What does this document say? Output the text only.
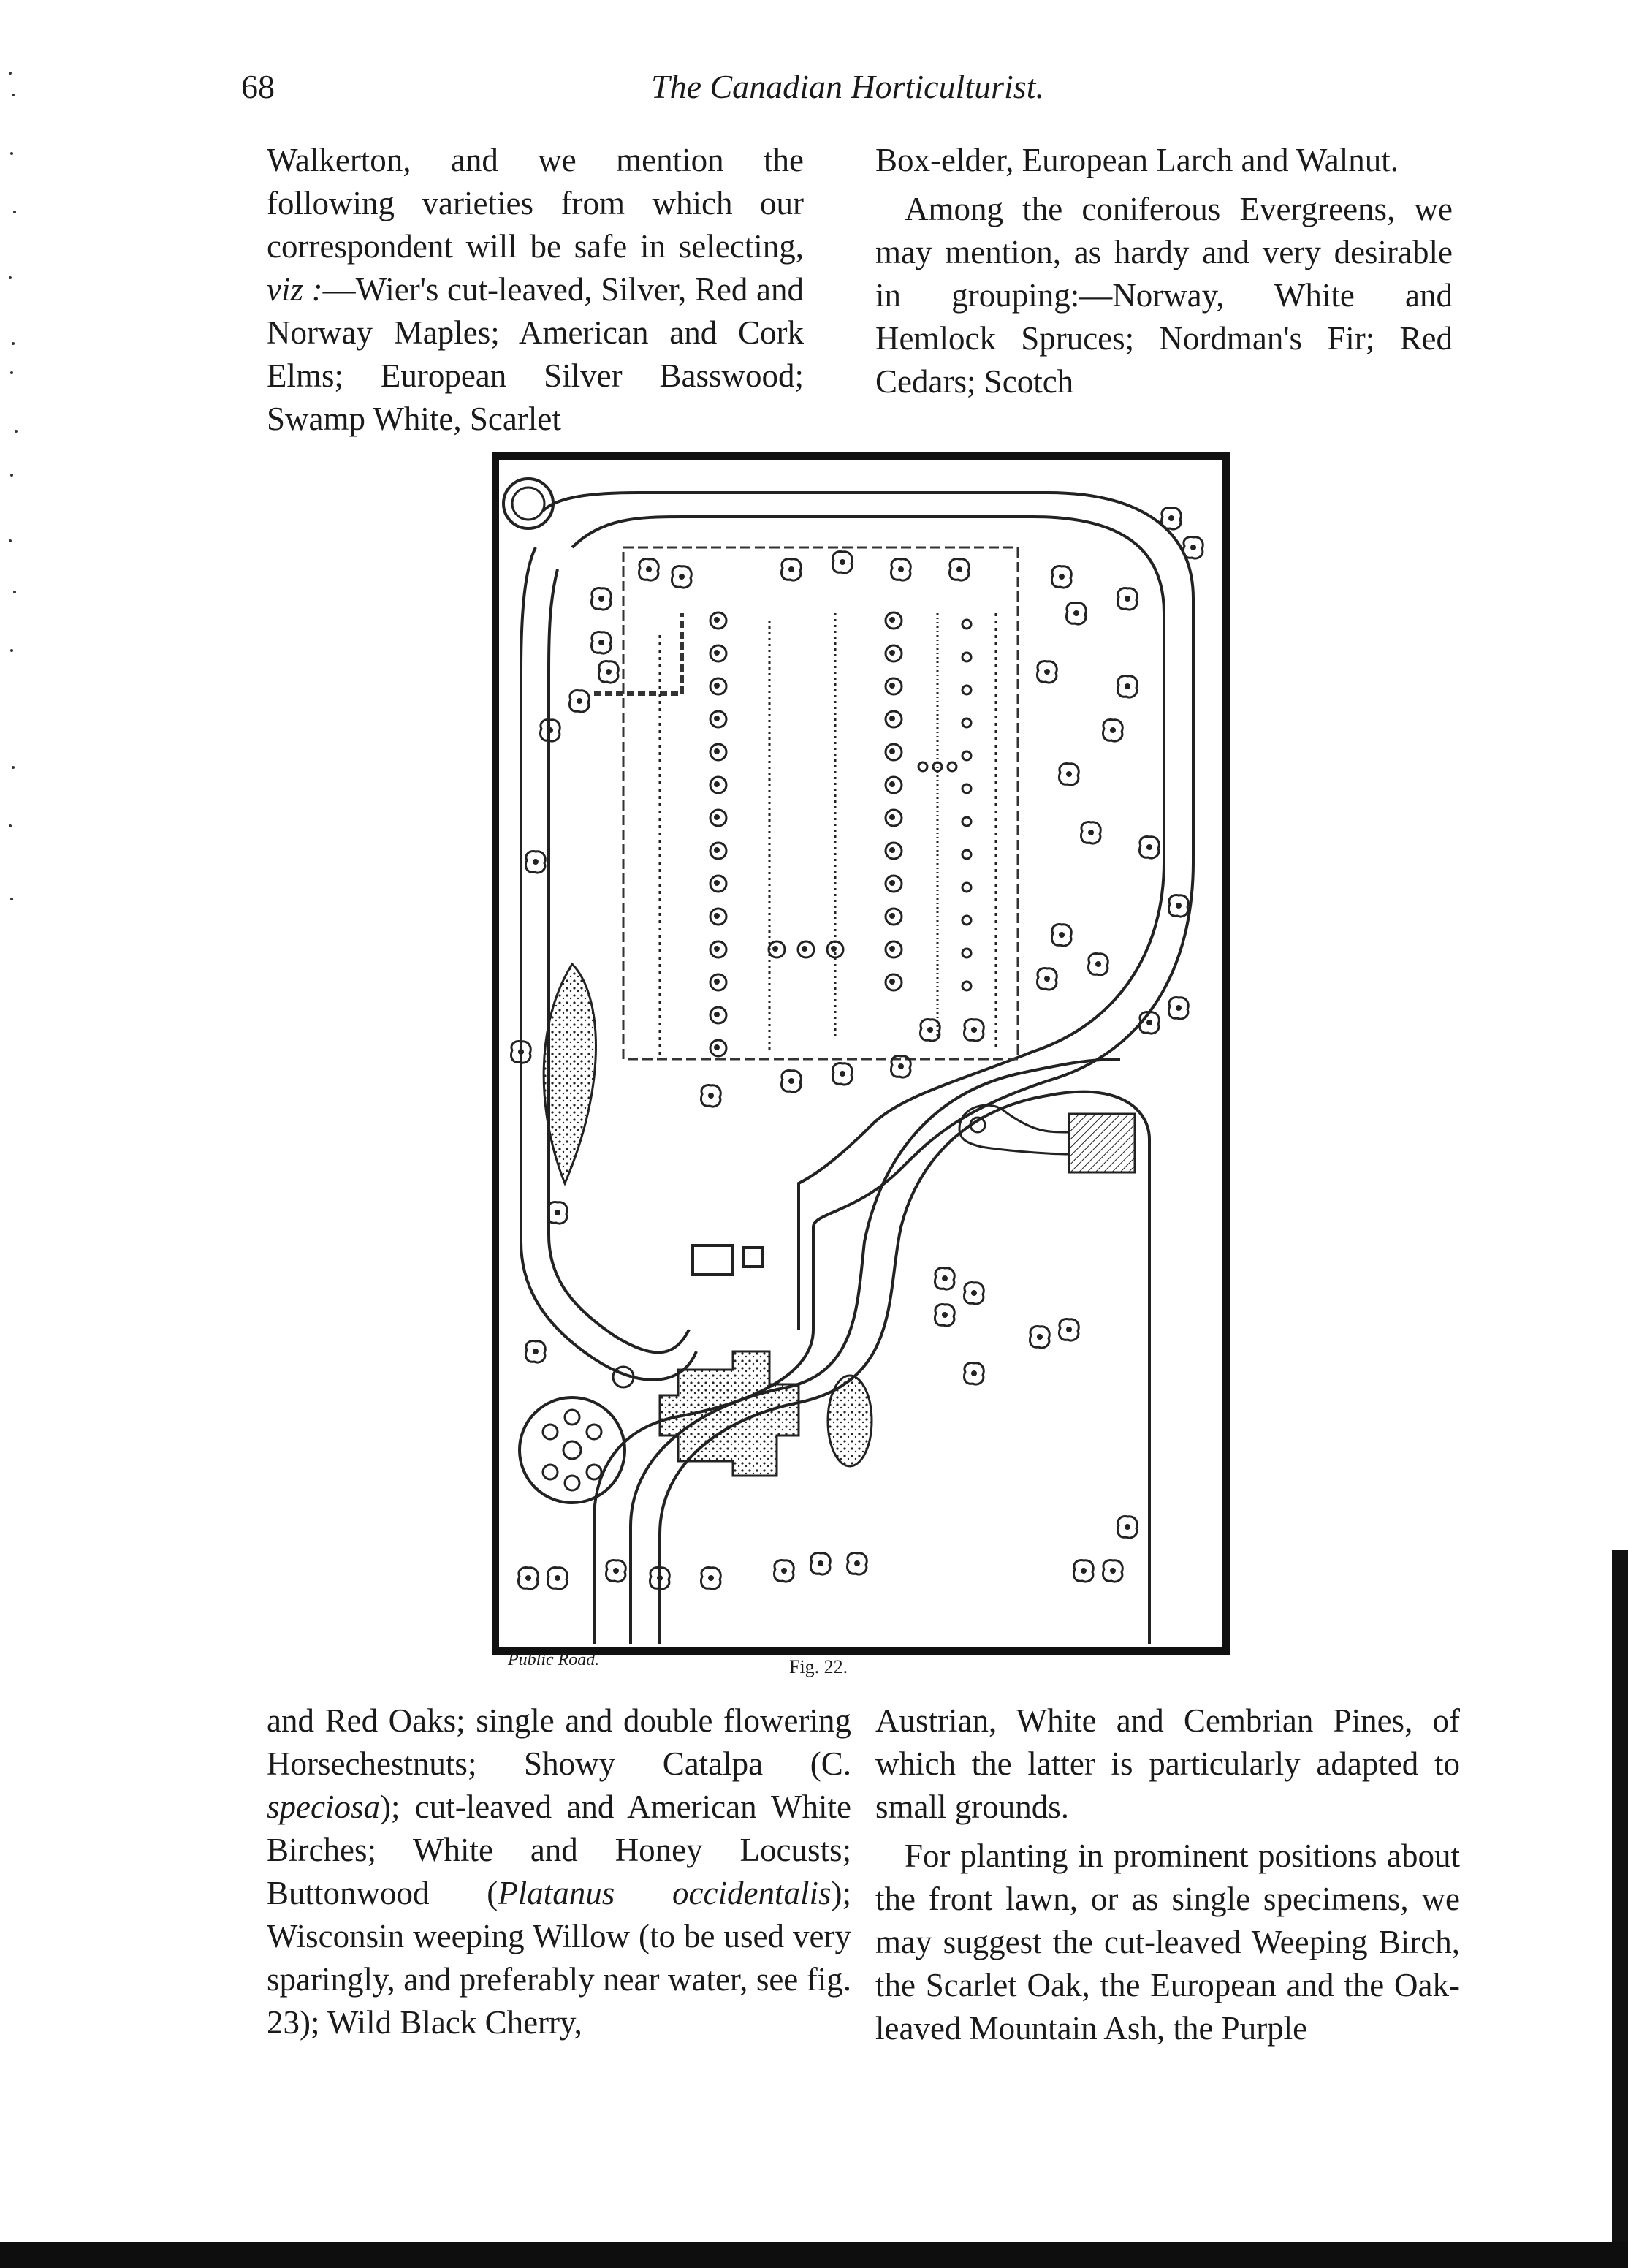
68	The Canadian Horticulturist.

Walkerton, and we mention the following varieties from which our correspondent will be safe in selecting, viz :—Wier's cut-leaved, Silver, Red and Norway Maples; American and Cork Elms; European Silver Basswood; Swamp White, Scarlet

Box-elder, European Larch and Walnut.

Among the coniferous Evergreens, we may mention, as hardy and very desirable in grouping:—Norway, White and Hemlock Spruces; Nordman's Fir; Red Cedars; Scotch

Public Road.	Fig. 22.

and Red Oaks; single and double flowering Horsechestnuts; Showy Catalpa (C. speciosa); cut-leaved and American White Birches; White and Honey Locusts; Buttonwood (Platanus occidentalis); Wisconsin weeping Willow (to be used very sparingly, and preferably near water, see fig. 23); Wild Black Cherry,

Austrian, White and Cembrian Pines, of which the latter is particularly adapted to small grounds.

For planting in prominent positions about the front lawn, or as single specimens, we may suggest the cut-leaved Weeping Birch, the Scarlet Oak, the European and the Oak-leaved Mountain Ash, the Purple
